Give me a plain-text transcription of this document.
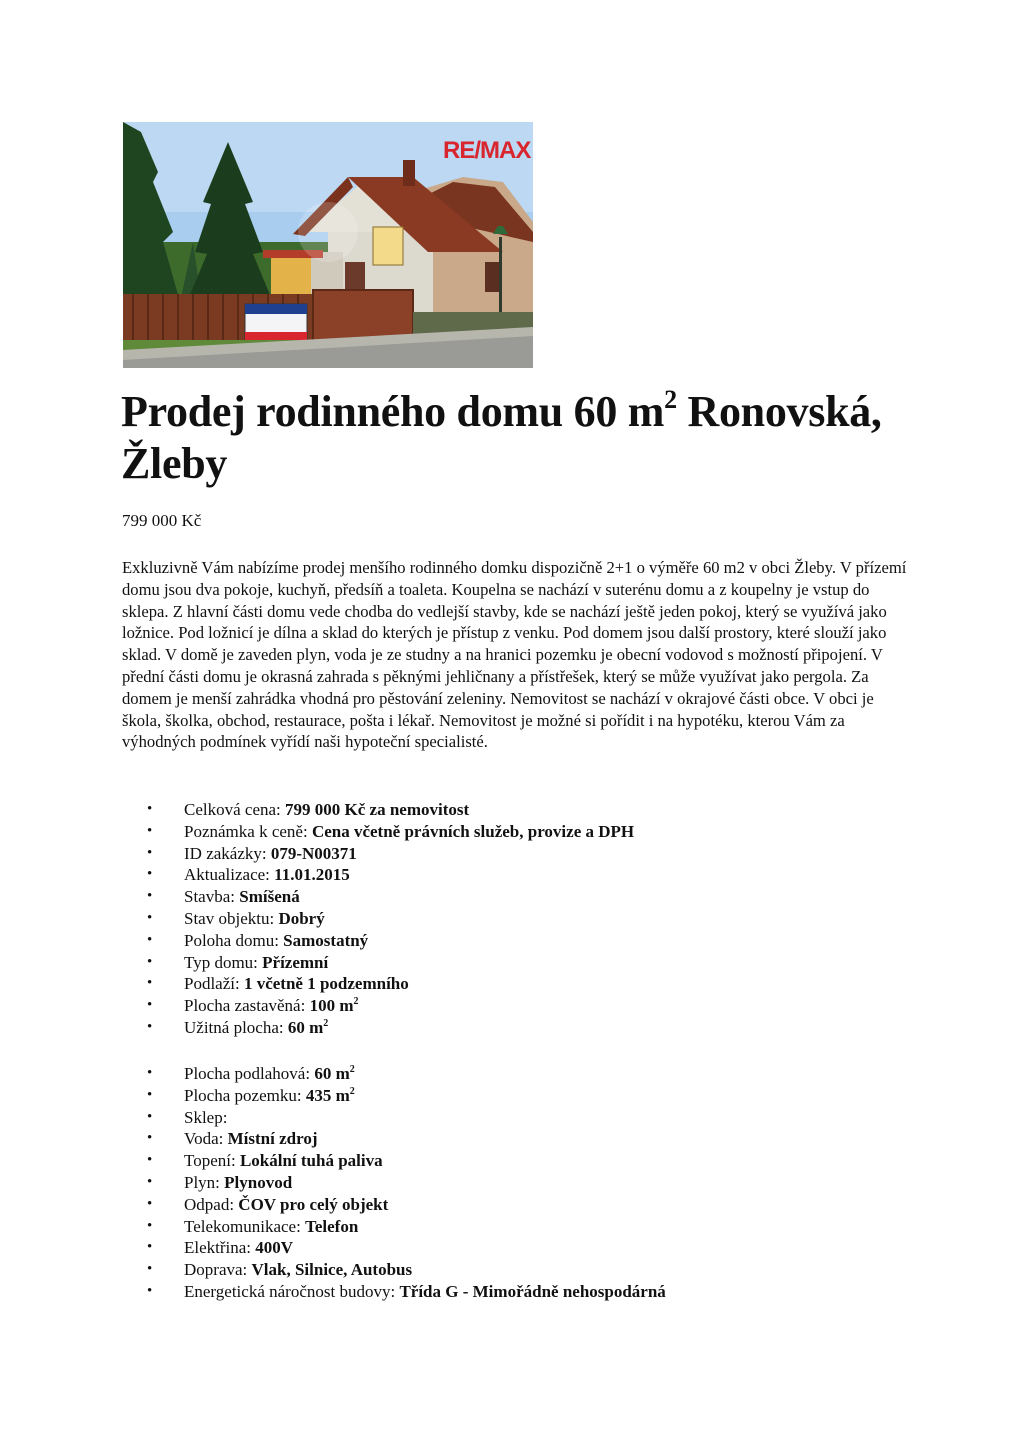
RE/MAX
Prodej rodinného domu 60 $m^2$ Ronovská, Žleby

799 000 Kč

Exkluzivně Vám nabízíme prodej menšího rodinného domku dispozičně 2+1 o výměře 60 m2 v obci Žleby. V přízemí domu jsou dva pokoje, kuchyň, předsíň a toaleta. Koupelna se nachází v suterénu domu a z koupelny je vstup do sklepa. Z hlavní části domu vede chodba do vedlejší stavby, kde se nachází ještě jeden pokoj, který se využívá jako ložnice. Pod ložnicí je dílna a sklad do kterých je přístup z venku. Pod domem jsou další prostory, které slouží jako sklad. V domě je zaveden plyn, voda je ze studny a na hranici pozemku je obecní vodovod s možností připojení. V přední části domu je okrasná zahrada s pěknými jehličnany a přístřešek, který se může využívat jako pergola. Za domem je menší zahrádka vhodná pro pěstování zeleniny. Nemovitost se nachází v okrajové části obce. V obci je škola, školka, obchod, restaurace, pošta i lékař. Nemovitost je možné si pořídit i na hypotéku, kterou Vám za výhodných podmínek vyřídí naši hypoteční specialisté.

• Celková cena: 799 000 Kč za nemovitost
• Poznámka k ceně: Cena včetně právních služeb, provize a DPH
• ID zakázky: 079-N00371
• Aktualizace: 11.01.2015
• Stavba: Smíšená
• Stav objektu: Dobrý
• Poloha domu: Samostatný
• Typ domu: Přízemní
• Podlaží: 1 včetně 1 podzemního
• Plocha zastavěná: 100 $m^2$
• Užitná plocha: 60 $m^2$
• Plocha podlahová: 60 $m^2$
• Plocha pozemku: 435 $m^2$
• Sklep:
• Voda: Místní zdroj
• Topení: Lokální tuhá paliva
• Plyn: Plynovod
• Odpad: ČOV pro celý objekt
• Telekomunikace: Telefon
• Elektřina: 400V
• Doprava: Vlak, Silnice, Autobus
• Energetická náročnost budovy: Třída G - Mimořádně nehospodárná
